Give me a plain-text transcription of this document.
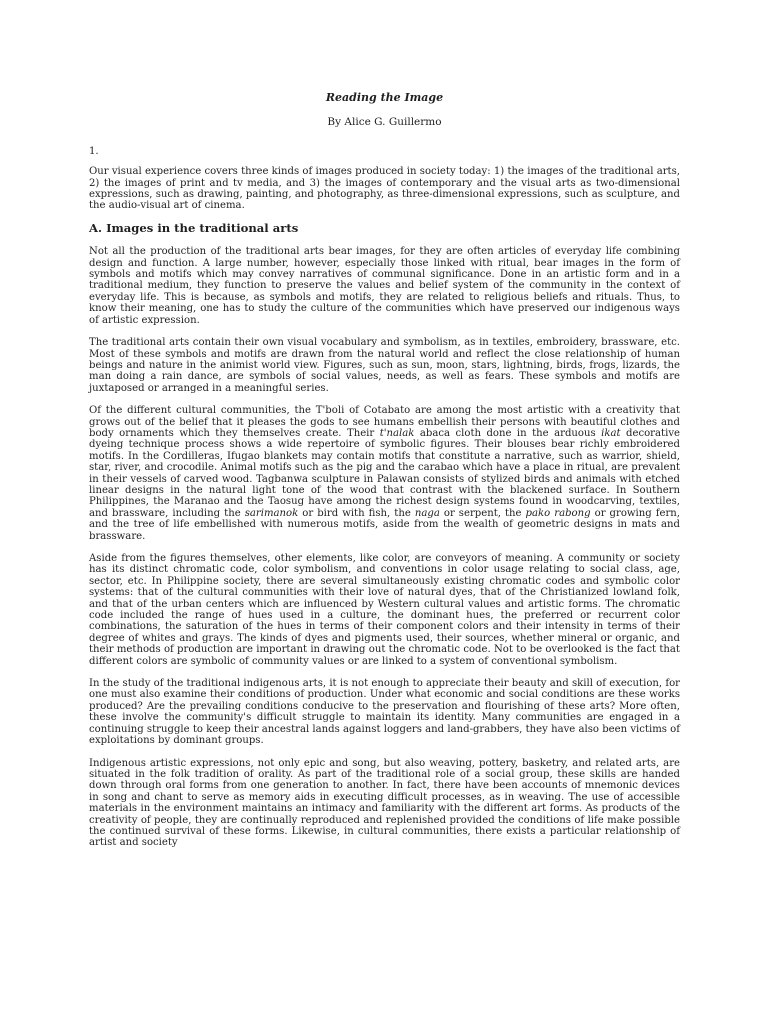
Reading the Image
By Alice G. Guillermo
1.

Our visual experience covers three kinds of images produced in society today: 1) the images of the traditional arts, 2) the images of print and tv media, and 3) the images of contemporary and the visual arts as two-dimensional expressions, such as drawing, painting, and photography, as three-dimensional expressions, such as sculpture, and the audio-visual art of cinema.

A. Images in the traditional arts

Not all the production of the traditional arts bear images, for they are often articles of everyday life combining design and function. A large number, however, especially those linked with ritual, bear images in the form of symbols and motifs which may convey narratives of communal significance. Done in an artistic form and in a traditional medium, they function to preserve the values and belief system of the community in the context of everyday life. This is because, as symbols and motifs, they are related to religious beliefs and rituals. Thus, to know their meaning, one has to study the culture of the communities which have preserved our indigenous ways of artistic expression.

The traditional arts contain their own visual vocabulary and symbolism, as in textiles, embroidery, brassware, etc. Most of these symbols and motifs are drawn from the natural world and reflect the close relationship of human beings and nature in the animist world view. Figures, such as sun, moon, stars, lightning, birds, frogs, lizards, the man doing a rain dance, are symbols of social values, needs, as well as fears. These symbols and motifs are juxtaposed or arranged in a meaningful series.

Of the different cultural communities, the T'boli of Cotabato are among the most artistic with a creativity that grows out of the belief that it pleases the gods to see humans embellish their persons with beautiful clothes and body ornaments which they themselves create. Their t'nalak abaca cloth done in the arduous ikat decorative dyeing technique process shows a wide repertoire of symbolic figures. Their blouses bear richly embroidered motifs. In the Cordilleras, Ifugao blankets may contain motifs that constitute a narrative, such as warrior, shield, star, river, and crocodile. Animal motifs such as the pig and the carabao which have a place in ritual, are prevalent in their vessels of carved wood. Tagbanwa sculpture in Palawan consists of stylized birds and animals with etched linear designs in the natural light tone of the wood that contrast with the blackened surface. In Southern Philippines, the Maranao and the Taosug have among the richest design systems found in woodcarving, textiles, and brassware, including the sarimanok or bird with fish, the naga or serpent, the pako rabong or growing fern, and the tree of life embellished with numerous motifs, aside from the wealth of geometric designs in mats and brassware.

Aside from the figures themselves, other elements, like color, are conveyors of meaning. A community or society has its distinct chromatic code, color symbolism, and conventions in color usage relating to social class, age, sector, etc. In Philippine society, there are several simultaneously existing chromatic codes and symbolic color systems: that of the cultural communities with their love of natural dyes, that of the Christianized lowland folk, and that of the urban centers which are influenced by Western cultural values and artistic forms. The chromatic code included the range of hues used in a culture, the dominant hues, the preferred or recurrent color combinations, the saturation of the hues in terms of their component colors and their intensity in terms of their degree of whites and grays. The kinds of dyes and pigments used, their sources, whether mineral or organic, and their methods of production are important in drawing out the chromatic code. Not to be overlooked is the fact that different colors are symbolic of community values or are linked to a system of conventional symbolism.

In the study of the traditional indigenous arts, it is not enough to appreciate their beauty and skill of execution, for one must also examine their conditions of production. Under what economic and social conditions are these works produced? Are the prevailing conditions conducive to the preservation and flourishing of these arts? More often, these involve the community's difficult struggle to maintain its identity. Many communities are engaged in a continuing struggle to keep their ancestral lands against loggers and land-grabbers, they have also been victims of exploitations by dominant groups.

Indigenous artistic expressions, not only epic and song, but also weaving, pottery, basketry, and related arts, are situated in the folk tradition of orality. As part of the traditional role of a social group, these skills are handed down through oral forms from one generation to another. In fact, there have been accounts of mnemonic devices in song and chant to serve as memory aids in executing difficult processes, as in weaving. The use of accessible materials in the environment maintains an intimacy and familiarity with the different art forms. As products of the creativity of people, they are continually reproduced and replenished provided the conditions of life make possible the continued survival of these forms. Likewise, in cultural communities, there exists a particular relationship of artist and society
